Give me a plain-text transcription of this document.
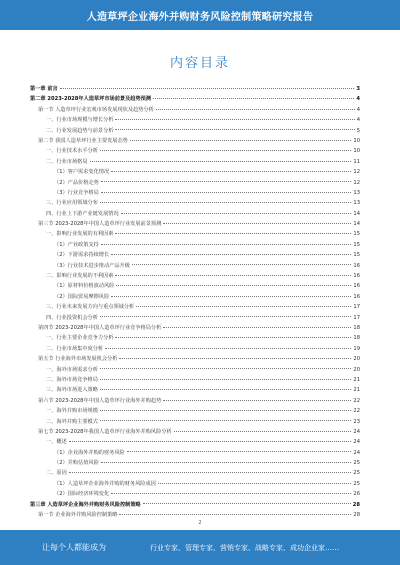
人造草坪企业海外并购财务风险控制策略研究报告
内容目录
第一章 前言	3
第二章 2023-2028年人造草坪市场前景及趋势预测	4
第一节 人造草坪行业宏观市场发展现状及趋势分析	4
一、行业市场规模与增长分析	4
二、行业发展趋势与前景分析	5
第二节 我国人造草坪行业主要发展态势	10
一、行业技术水平分析	10
二、行业市场格局	11
（1）客户需求变化情况	12
（2）产品价格走势	12
（3）行业竞争格局	13
三、行业应用领域分布	13
四、行业上下游产业链发展情况	14
第三节 2023-2028年中国人造草坪行业发展前景预测	14
一、影响行业发展的有利因素	15
（1）产业政策支持	15
（2）下游需求持续增长	15
（3）行业技术进步推动产品升级	16
二、影响行业发展的不利因素	16
（1）原材料价格波动风险	16
（2）国际贸易摩擦风险	16
三、行业未来发展方向与重点领域分析	17
四、行业投资机会分析	17
第四节 2023-2028年中国人造草坪行业竞争格局分析	18
一、行业主要企业竞争力分析	18
二、行业市场集中度分析	19
第五节 行业海外市场发展机会分析	20
一、海外市场需求分析	20
二、海外市场竞争格局	21
三、海外市场进入策略	21
第六节 2023-2028年中国人造草坪行业海外并购趋势	22
一、海外并购市场规模	22
二、海外并购主要模式	23
第七节 2023-2028年我国人造草坪行业海外并购风险分析	24
一、概述	24
（1）企业海外并购的财务风险	24
（2）并购估值风险	25
二、原因	25
（1）人造草坪企业海外并购的财务风险成因	25
（2）国际经济环境变化	26
第三章 人造草坪企业海外并购财务风险控制策略	28
第一节 企业海外并购风险控制策略	28
2
让每个人都能成为	行业专家、管理专家、营销专家、战略专家、成功企业家……
